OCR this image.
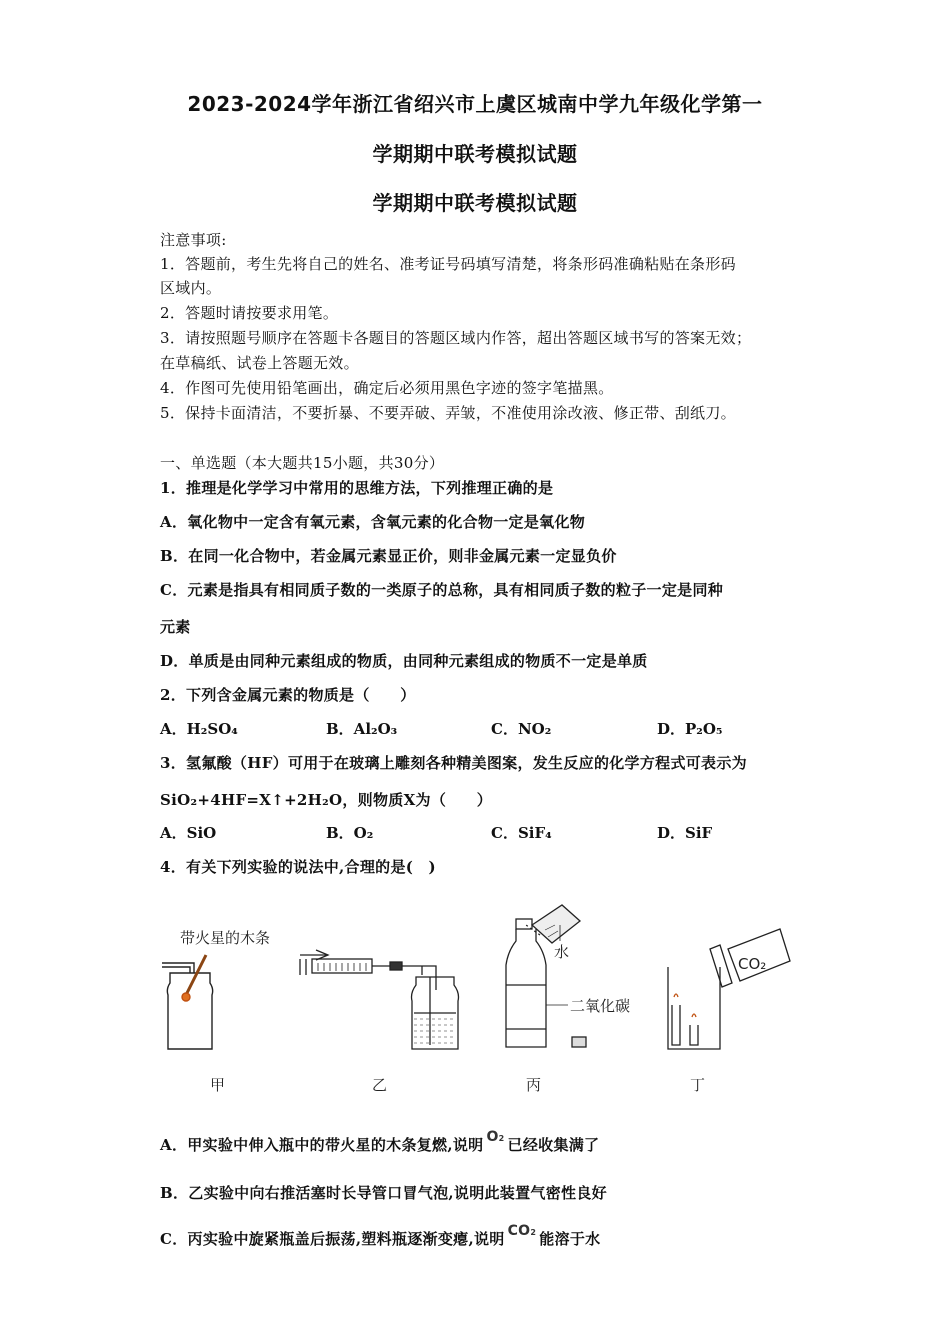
2023-2024学年浙江省绍兴市上虞区城南中学九年级化学第一
学期期中联考模拟试题
学期期中联考模拟试题
注意事项:
1．答题前，考生先将自己的姓名、准考证号码填写清楚，将条形码准确粘贴在条形码
区域内。
2．答题时请按要求用笔。
3．请按照题号顺序在答题卡各题目的答题区域内作答，超出答题区域书写的答案无效；
在草稿纸、试卷上答题无效。
4．作图可先使用铅笔画出，确定后必须用黑色字迹的签字笔描黑。
5．保持卡面清洁，不要折暴、不要弄破、弄皱，不准使用涂改液、修正带、刮纸刀。
一、单选题（本大题共15小题，共30分）
1．推理是化学学习中常用的思维方法，下列推理正确的是
A．氧化物中一定含有氧元素，含氧元素的化合物一定是氧化物
B．在同一化合物中，若金属元素显正价，则非金属元素一定显负价
C．元素是指具有相同质子数的一类原子的总称，具有相同质子数的粒子一定是同种
元素
D．单质是由同种元素组成的物质，由同种元素组成的物质不一定是单质
2．下列含金属元素的物质是（　　）
A．H₂SO₄	B．Al₂O₃	C．NO₂	D．P₂O₅
3．氢氟酸（HF）可用于在玻璃上雕刻各种精美图案，发生反应的化学方程式可表示为
SiO₂+4HF=X↑+2H₂O，则物质X为（　　）
A．SiO	B．O₂	C．SiF₄	D．SiF
4．有关下列实验的说法中,合理的是(　)
带火星的木条
甲	乙
水
二氧化碳
丙
CO₂
丁
A．甲实验中伸入瓶中的带火星的木条复燃,说明 O2 已经收集满了
B．乙实验中向右推活塞时长导管口冒气泡,说明此装置气密性良好
C．丙实验中旋紧瓶盖后振荡,塑料瓶逐渐变瘪,说明 CO2 能溶于水
